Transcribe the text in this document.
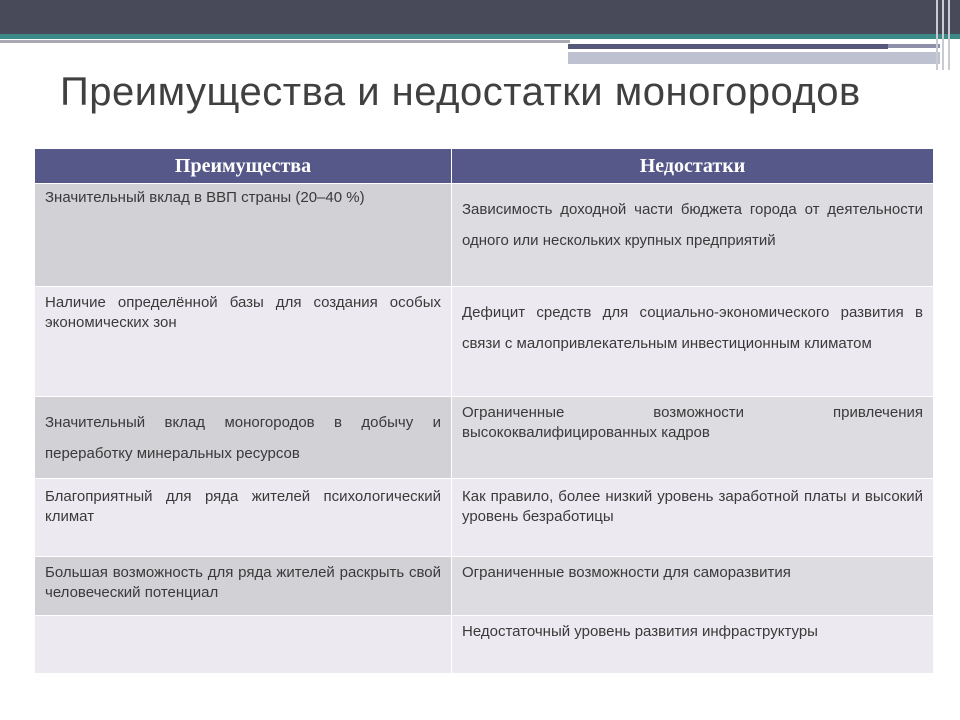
Преимущества и недостатки моногородов
Преимущества	Недостатки
Значительный вклад в ВВП страны (20–40 %)	Зависимость доходной части бюджета города от деятельности одного или нескольких крупных предприятий
Наличие определённой базы для создания особых экономических зон	Дефицит средств для социально-экономического развития в связи с малопривлекательным инвестиционным климатом
Значительный вклад моногородов в добычу и переработку минеральных ресурсов	Ограниченные возможности привлечения высококвалифицированных кадров
Благоприятный для ряда жителей психологический климат	Как правило, более низкий уровень заработной платы и высокий уровень безработицы
Большая возможность для ряда жителей раскрыть свой человеческий потенциал	Ограниченные возможности для саморазвития
	Недостаточный уровень развития инфраструктуры
